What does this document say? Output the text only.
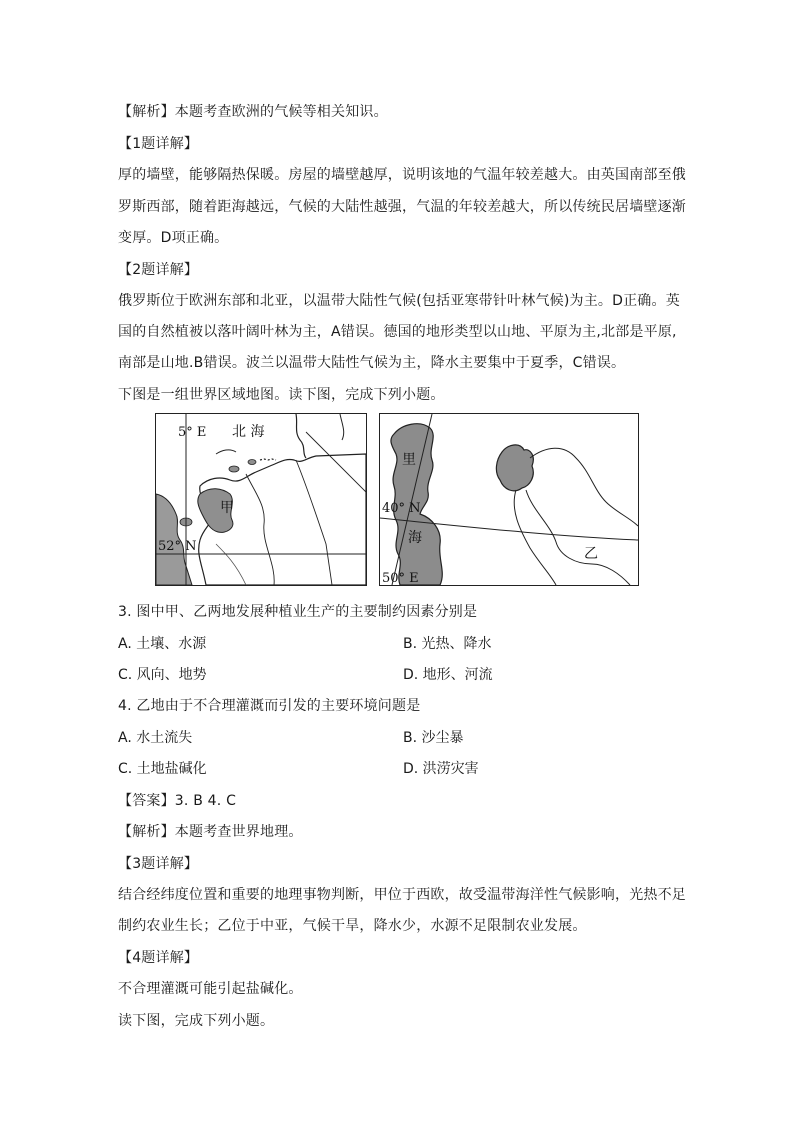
【解析】本题考查欧洲的气候等相关知识。
【1题详解】
厚的墙壁，能够隔热保暖。房屋的墙壁越厚，说明该地的气温年较差越大。由英国南部至俄
罗斯西部，随着距海越远，气候的大陆性越强，气温的年较差越大，所以传统民居墙壁逐渐
变厚。D项正确。
【2题详解】
俄罗斯位于欧洲东部和北亚，以温带大陆性气候(包括亚寒带针叶林气候)为主。D正确。英
国的自然植被以落叶阔叶林为主，A错误。德国的地形类型以山地、平原为主,北部是平原,
南部是山地.B错误。波兰以温带大陆性气候为主，降水主要集中于夏季，C错误。
下图是一组世界区域地图。读下图，完成下列小题。
5° E 北 海
甲
52° N
里
40° N
海
50° E
乙
3. 图中甲、乙两地发展种植业生产的主要制约因素分别是
A. 土壤、水源	B. 光热、降水
C. 风向、地势	D. 地形、河流
4. 乙地由于不合理灌溉而引发的主要环境问题是
A. 水土流失	B. 沙尘暴
C. 土地盐碱化	D. 洪涝灾害
【答案】3. B 4. C
【解析】本题考查世界地理。
【3题详解】
结合经纬度位置和重要的地理事物判断，甲位于西欧，故受温带海洋性气候影响，光热不足
制约农业生长；乙位于中亚，气候干旱，降水少，水源不足限制农业发展。
【4题详解】
不合理灌溉可能引起盐碱化。
读下图，完成下列小题。
